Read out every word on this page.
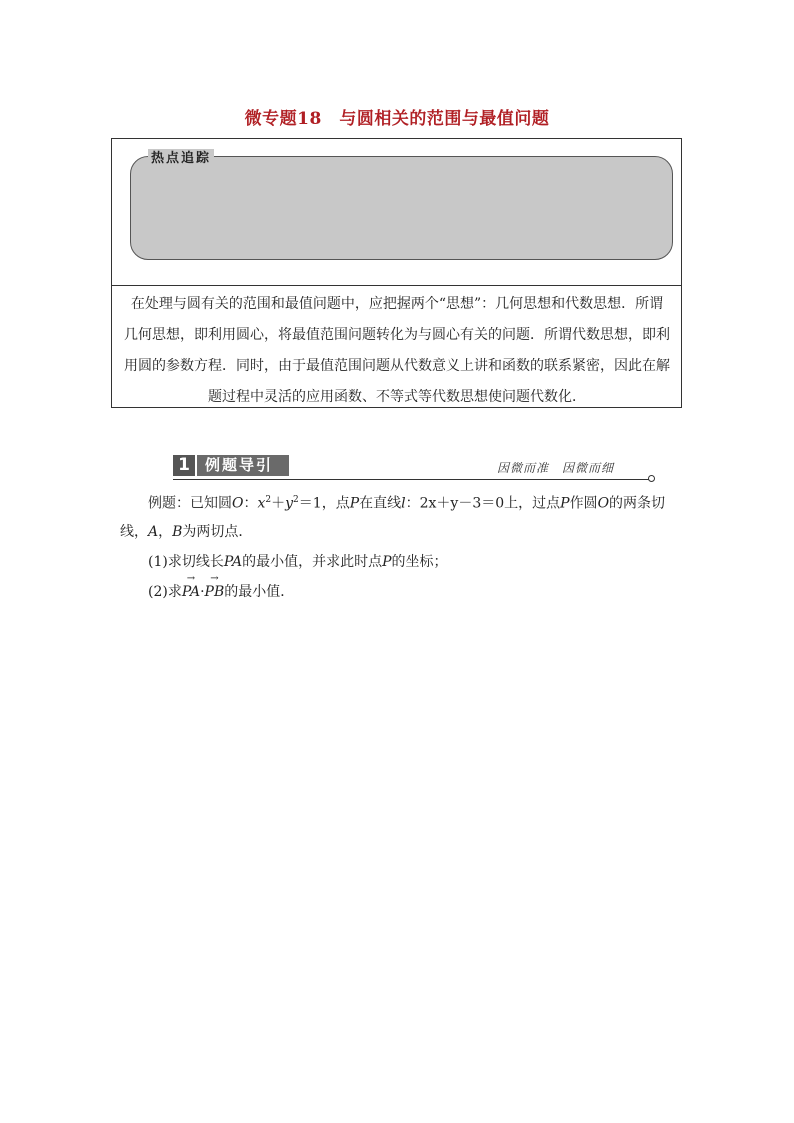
微专题18　与圆相关的范围与最值问题
热点追踪
在处理与圆有关的范围和最值问题中，应把握两个“思想”：几何思想和代数思想．所谓几何思想，即利用圆心，将最值范围问题转化为与圆心有关的问题．所谓代数思想，即利用圆的参数方程．同时，由于最值范围问题从代数意义上讲和函数的联系紧密，因此在解题过程中灵活的应用函数、不等式等代数思想使问题代数化．
1	例题导引	因微而准　因微而细

例题：已知圆O：$x^2+y^2=1$，点P在直线l：2x＋y－3＝0上，过点P作圆O的两条切线，A，B为两切点．

(1)求切线长PA的最小值，并求此时点P的坐标；

(2)求→ PA·→ PB的最小值．
